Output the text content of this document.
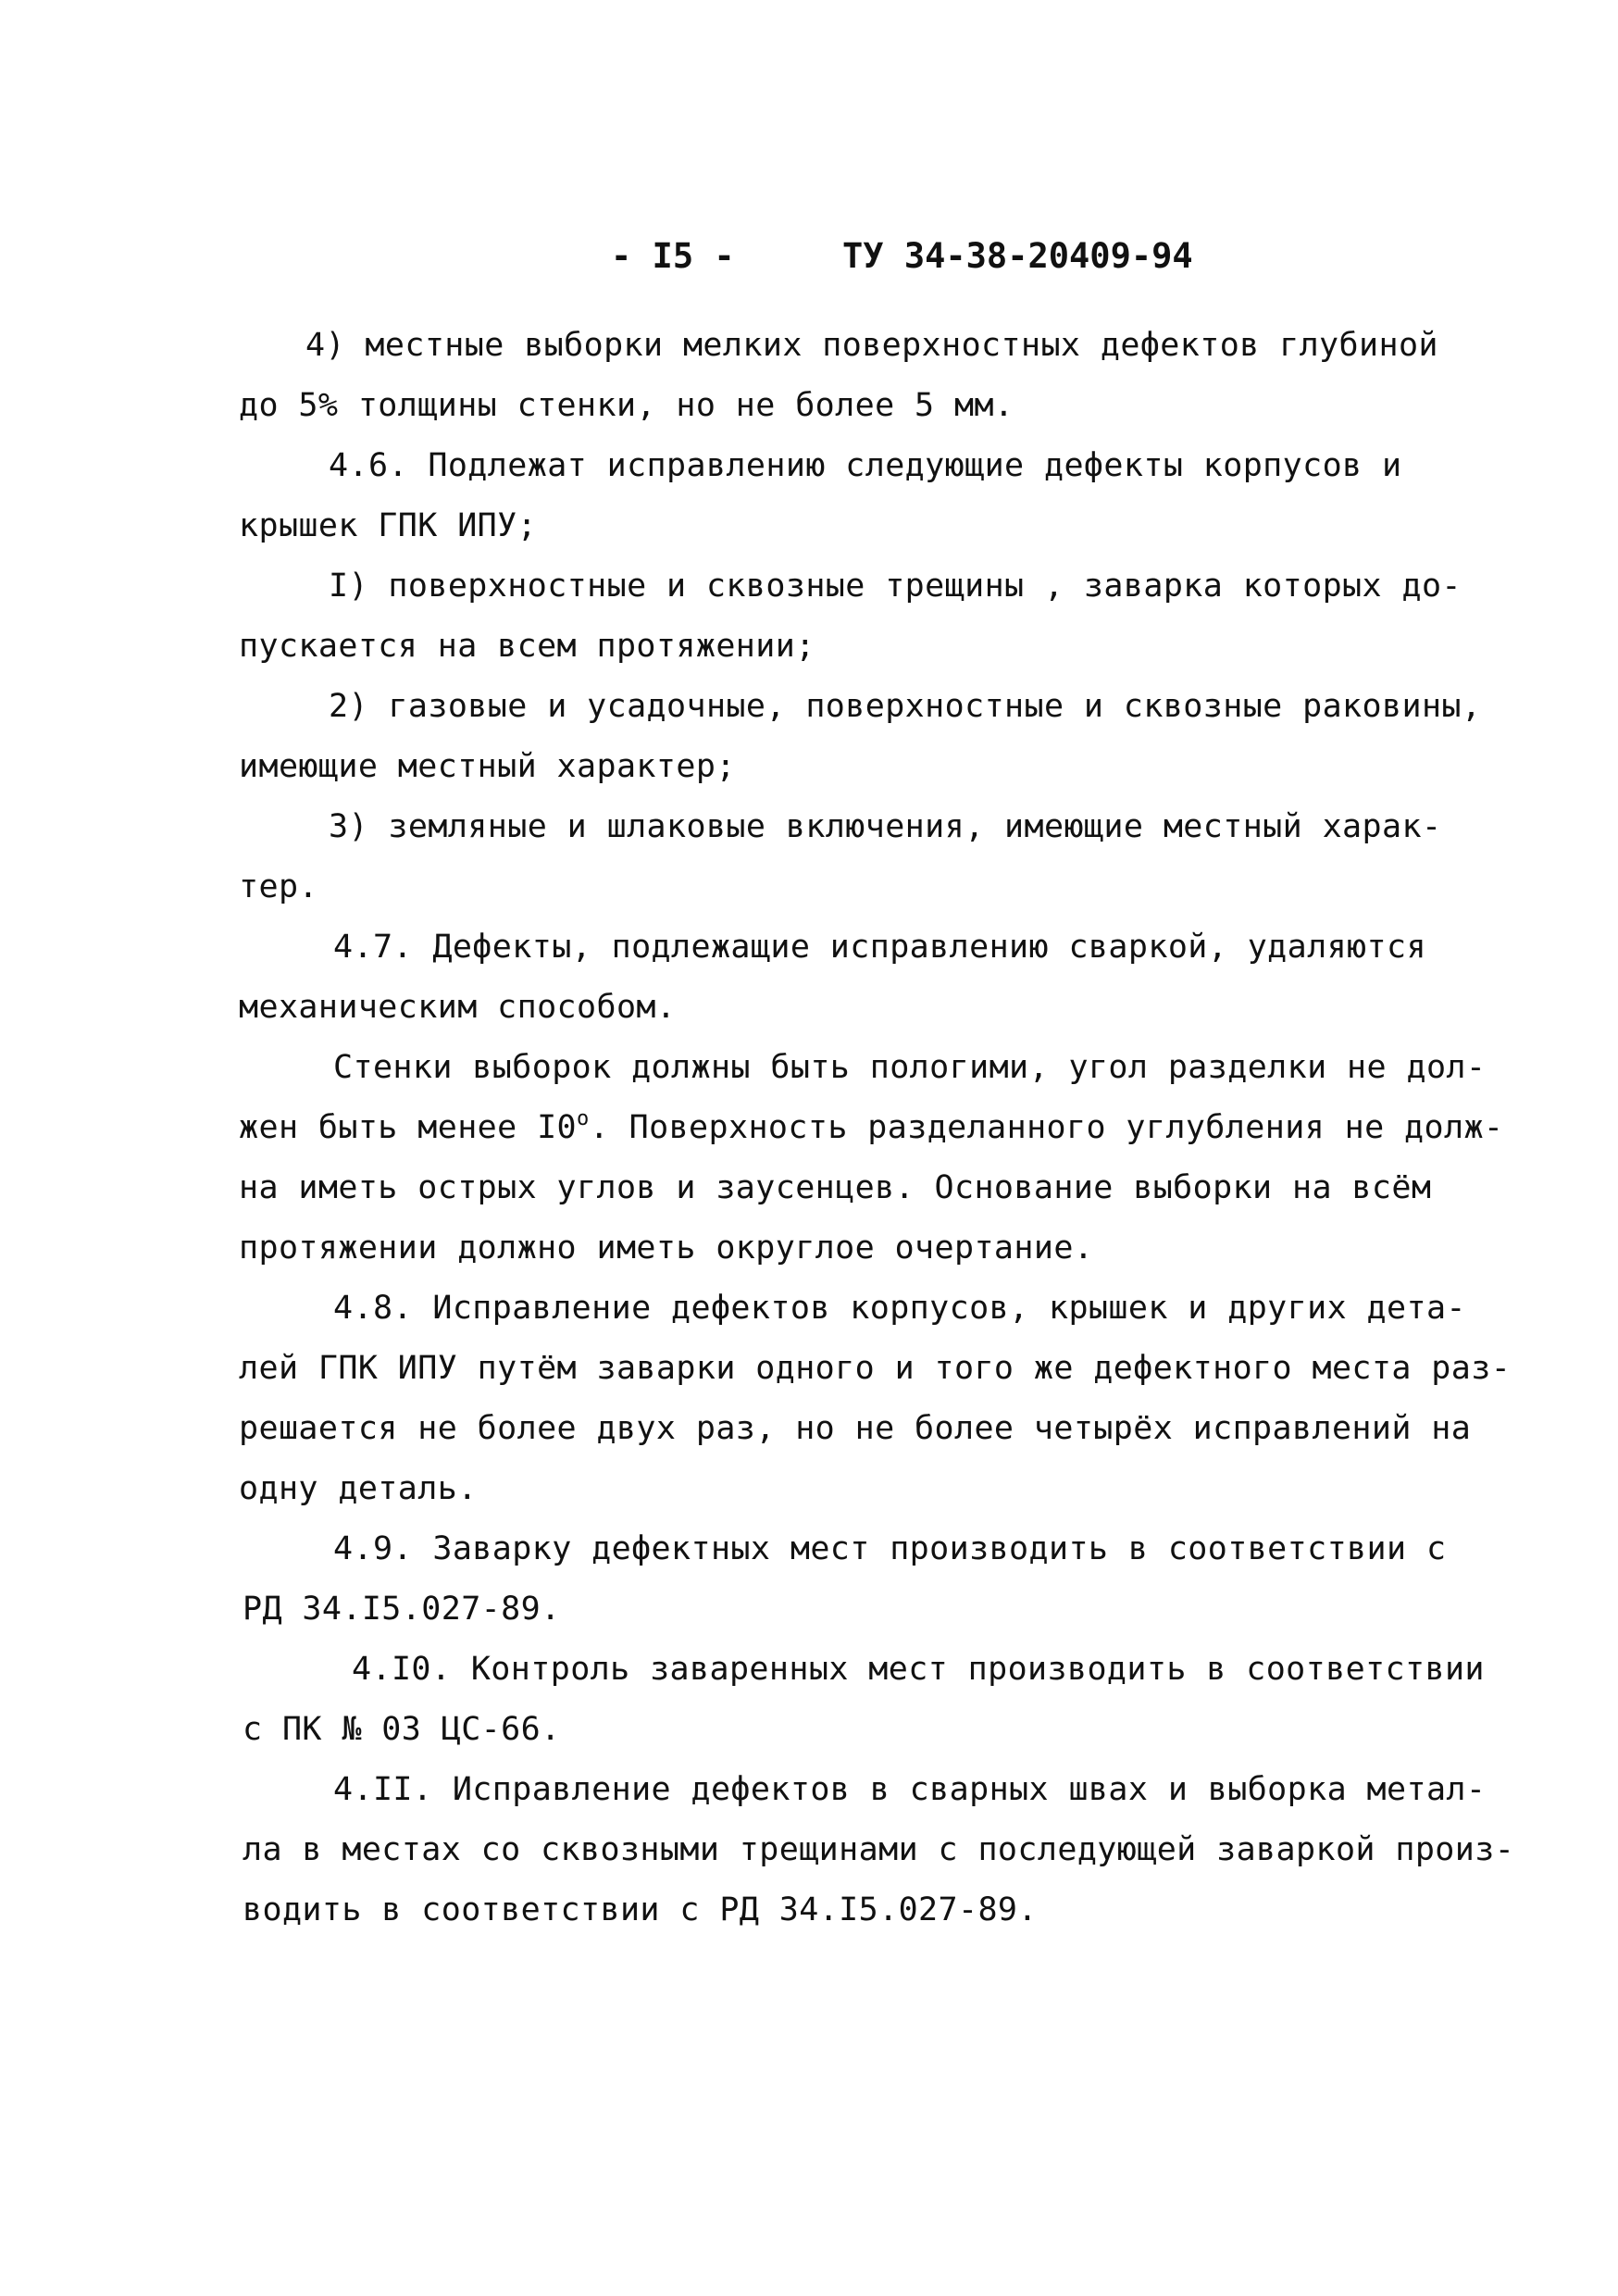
- I5 -	ТУ 34-38-20409-94
4) местные выборки мелких поверхностных дефектов глубиной
до 5% толщины стенки, но не более 5 мм.
4.6. Подлежат исправлению следующие дефекты корпусов и
крышек ГПК ИПУ;
I) поверхностные и сквозные трещины , заварка которых до-
пускается на всем протяжении;
2) газовые и усадочные, поверхностные и сквозные раковины,
имеющие местный характер;
3) земляные и шлаковые включения, имеющие местный харак-
тер.
4.7. Дефекты, подлежащие исправлению сваркой, удаляются
механическим способом.
Стенки выборок должны быть пологими, угол разделки не дол-
жен быть менее $I0^о$. Поверхность разделанного углубления не долж-
на иметь острых углов и заусенцев. Основание выборки на всём
протяжении должно иметь округлое очертание.
4.8. Исправление дефектов корпусов, крышек и других дета-
лей ГПК ИПУ путём заварки одного и того же дефектного места раз-
решается не более двух раз, но не более четырёх исправлений на
одну деталь.
4.9. Заварку дефектных мест производить в соответствии с
РД 34.I5.027-89.
4.I0. Контроль заваренных мест производить в соответствии
с ПК № 03 ЦС-66.
4.II. Исправление дефектов в сварных швах и выборка метал-
ла в местах со сквозными трещинами с последующей заваркой произ-
водить в соответствии с РД 34.I5.027-89.
